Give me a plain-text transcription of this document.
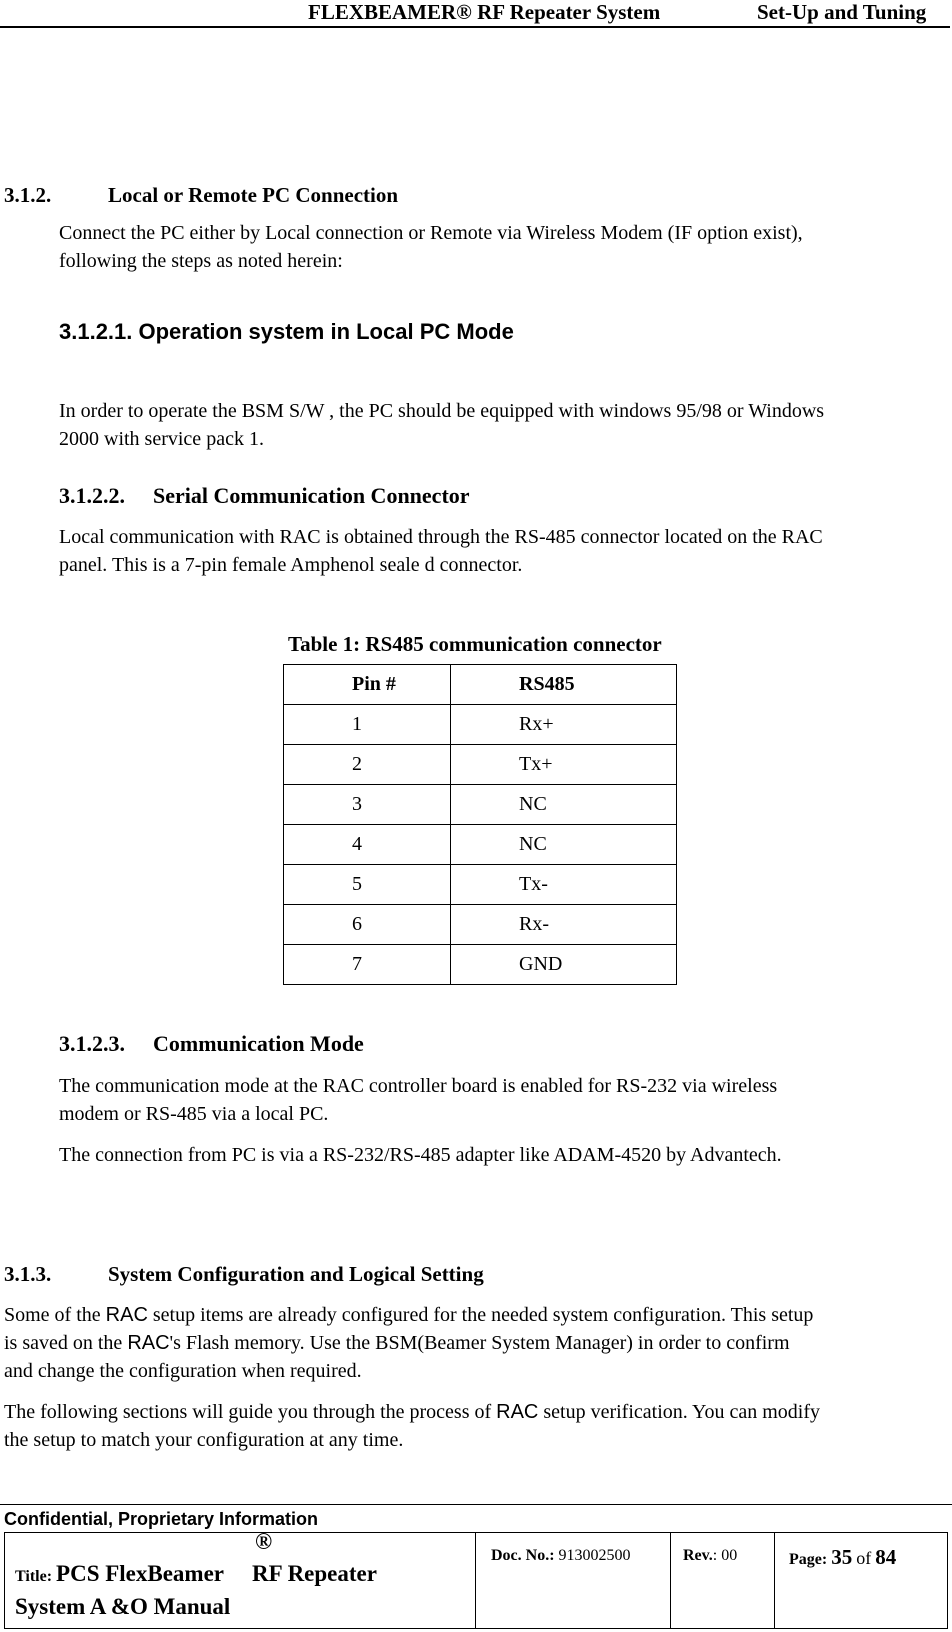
FLEXBEAMER® RF Repeater System	Set-Up and Tuning
3.1.2.	Local or Remote PC Connection
Connect the PC either by Local connection or Remote via Wireless Modem (IF option exist),
following the steps as noted herein:
3.1.2.1. Operation system in Local PC Mode
In order to operate the BSM S/W , the PC should be equipped with windows 95/98 or Windows
2000 with service pack 1.
3.1.2.2. Serial Communication Connector
Local communication with RAC is obtained through the RS-485 connector located on the RAC
panel. This is a 7-pin female Amphenol seale d connector.
Table 1: RS485 communication connector
Pin #	RS485
1	Rx+
2	Tx+
3	NC
4	NC
5	Tx-
6	Rx-
7	GND
3.1.2.3. Communication Mode
The communication mode at the RAC controller board is enabled for RS-232 via wireless
modem or RS-485 via a local PC.
The connection from PC is via a RS-232/RS-485 adapter like ADAM-4520 by Advantech.
3.1.3.	System Configuration and Logical Setting
Some of the RAC setup items are already configured for the needed system configuration. This setup
is saved on the RAC's Flash memory. Use the BSM(Beamer System Manager) in order to confirm
and change the configuration when required.
The following sections will guide you through the process of RAC setup verification. You can modify
the setup to match your configuration at any time.
Confidential, Proprietary Information
Title: PCS FlexBeamer RF Repeater
®
System A &O Manual
Doc. No.: 913002500	Rev.: 00	Page: 35 of 84
